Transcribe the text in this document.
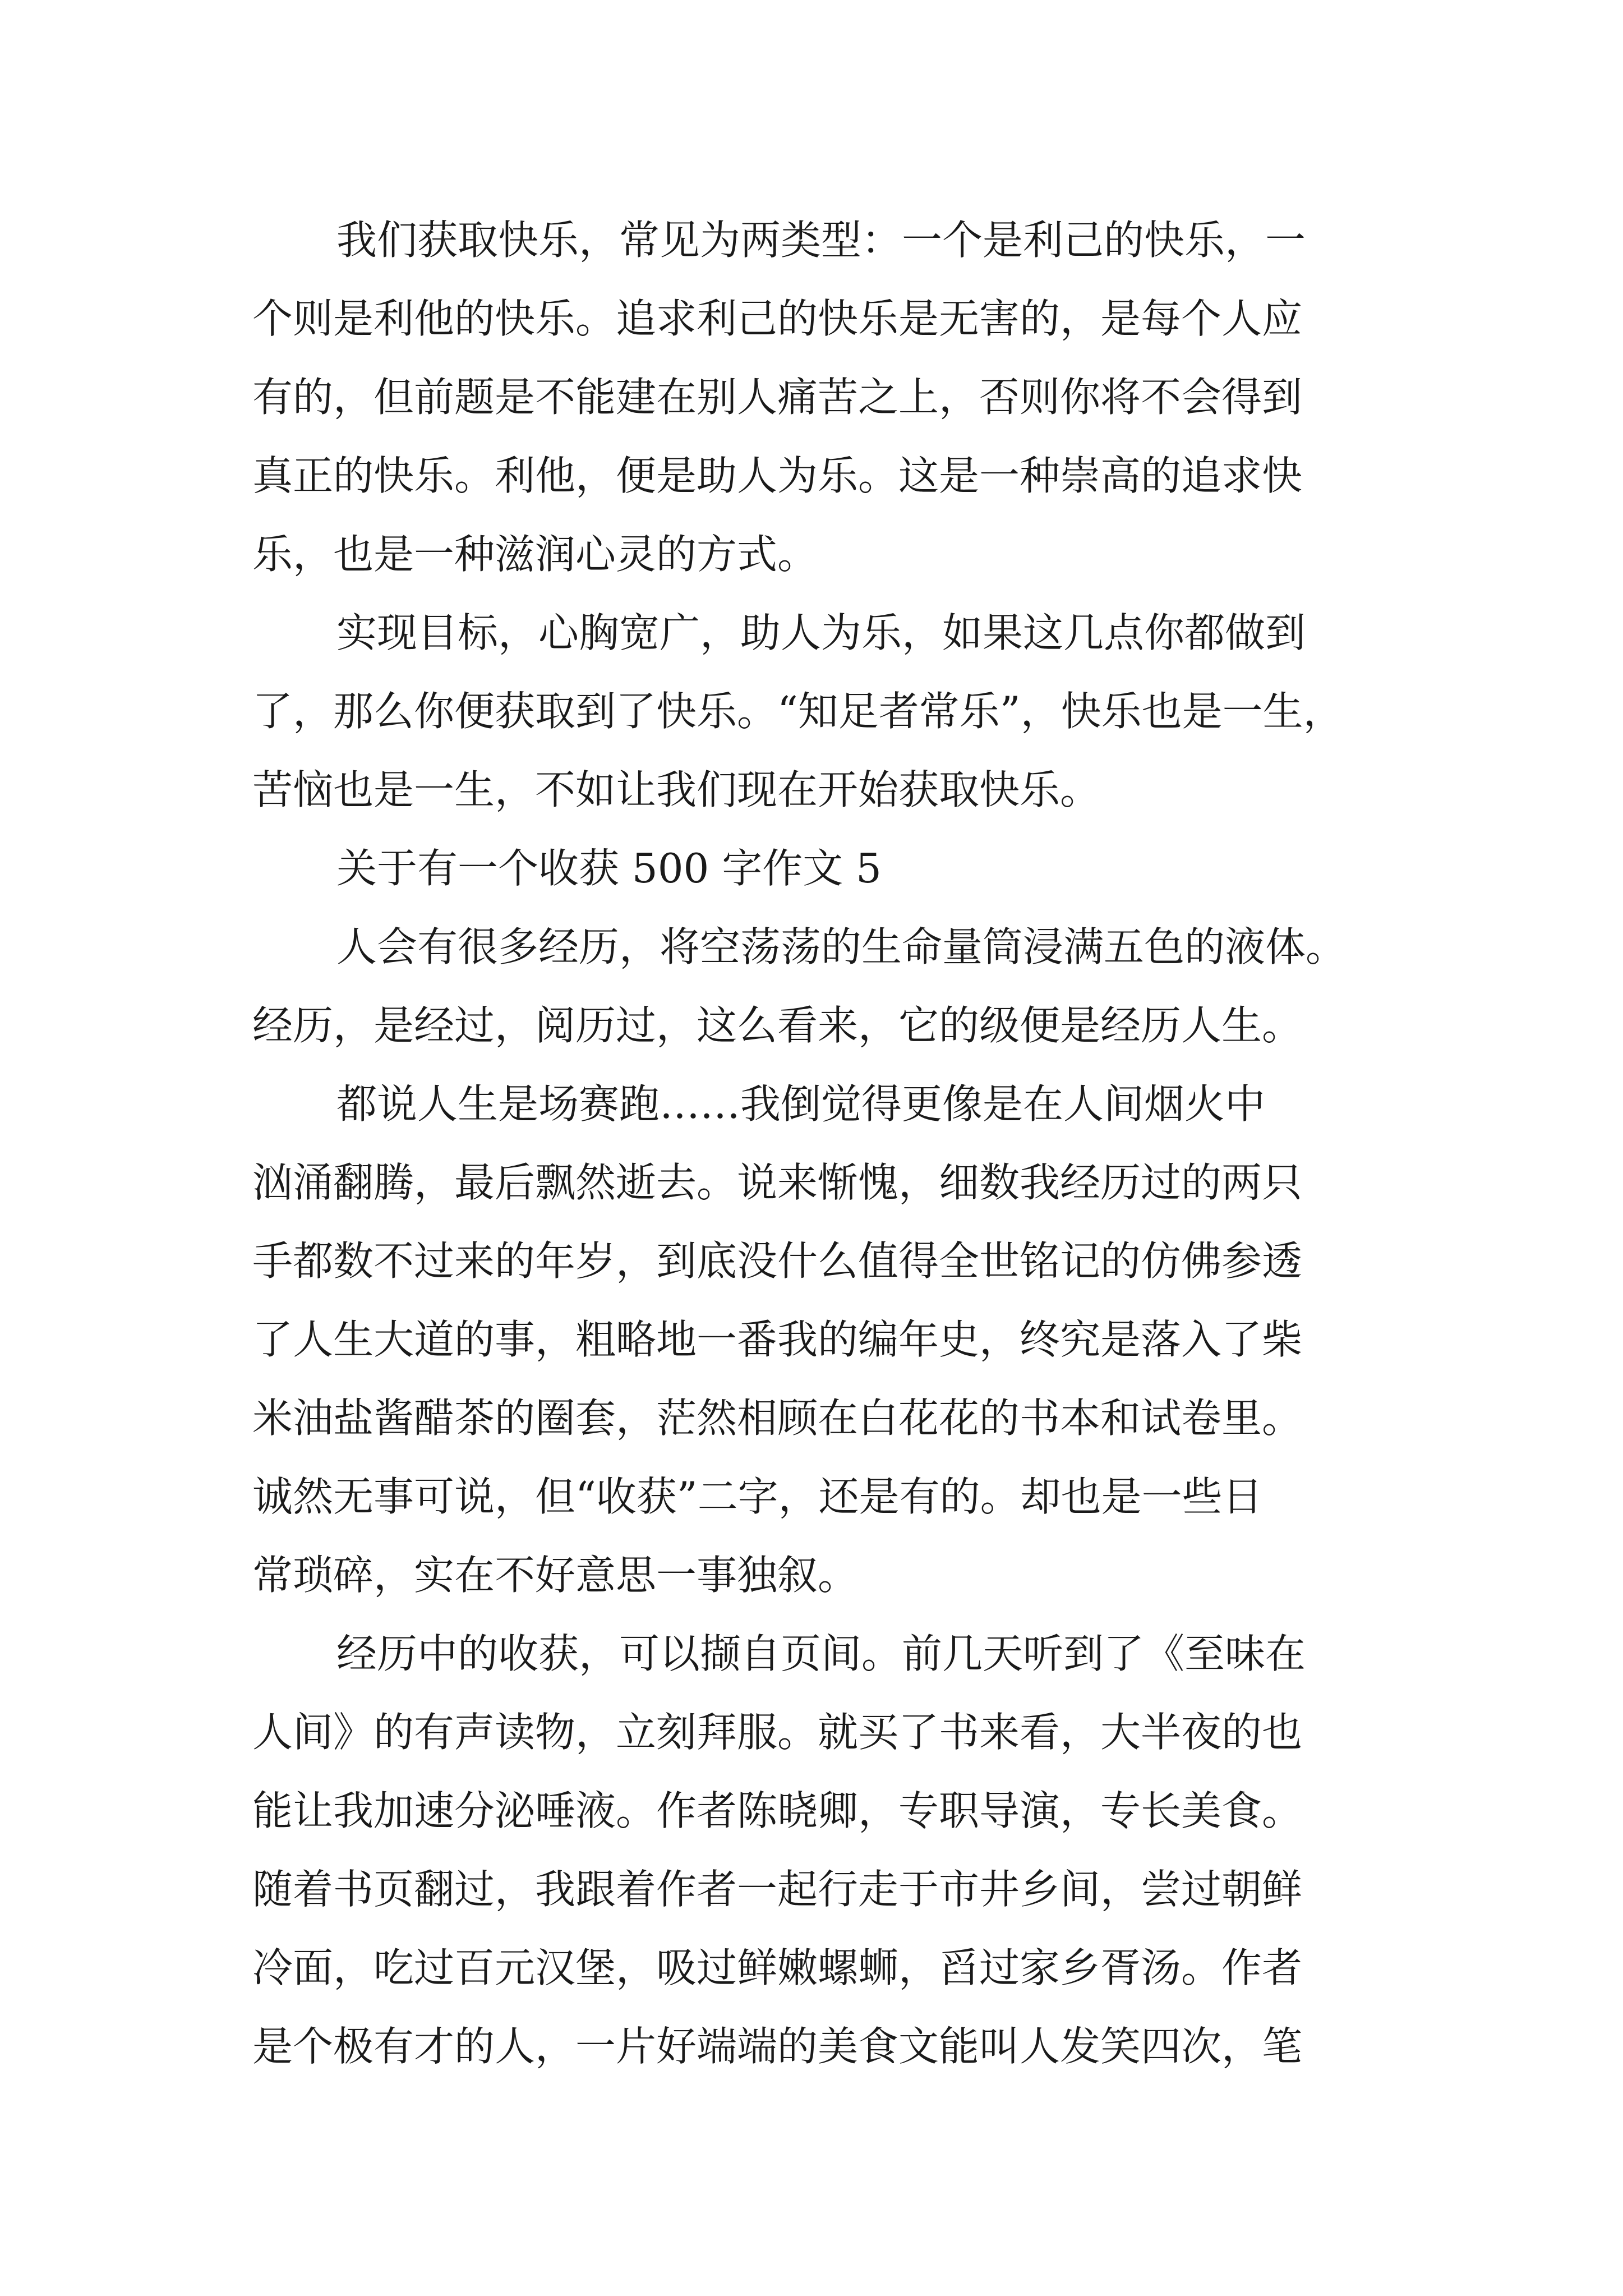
我们获取快乐，常见为两类型：一个是利己的快乐，一
个则是利他的快乐。追求利己的快乐是无害的，是每个人应
有的，但前题是不能建在别人痛苦之上，否则你将不会得到
真正的快乐。利他，便是助人为乐。这是一种崇高的追求快
乐，也是一种滋润心灵的方式。
实现目标，心胸宽广，助人为乐，如果这几点你都做到
了，那么你便获取到了快乐。“知足者常乐”，快乐也是一生，
苦恼也是一生，不如让我们现在开始获取快乐。
关于有一个收获 500 字作文 5
人会有很多经历，将空荡荡的生命量筒浸满五色的液体。
经历，是经过，阅历过，这么看来，它的级便是经历人生。
都说人生是场赛跑……我倒觉得更像是在人间烟火中
汹涌翻腾，最后飘然逝去。说来惭愧，细数我经历过的两只
手都数不过来的年岁，到底没什么值得全世铭记的仿佛参透
了人生大道的事，粗略地一番我的编年史，终究是落入了柴
米油盐酱醋茶的圈套，茫然相顾在白花花的书本和试卷里。
诚然无事可说，但“收获”二字，还是有的。却也是一些日
常琐碎，实在不好意思一事独叙。
经历中的收获，可以撷自页间。前几天听到了《至味在
人间》的有声读物，立刻拜服。就买了书来看，大半夜的也
能让我加速分泌唾液。作者陈晓卿，专职导演，专长美食。
随着书页翻过，我跟着作者一起行走于市井乡间，尝过朝鲜
冷面，吃过百元汉堡，吸过鲜嫩螺蛳，舀过家乡胥汤。作者
是个极有才的人，一片好端端的美食文能叫人发笑四次，笔
